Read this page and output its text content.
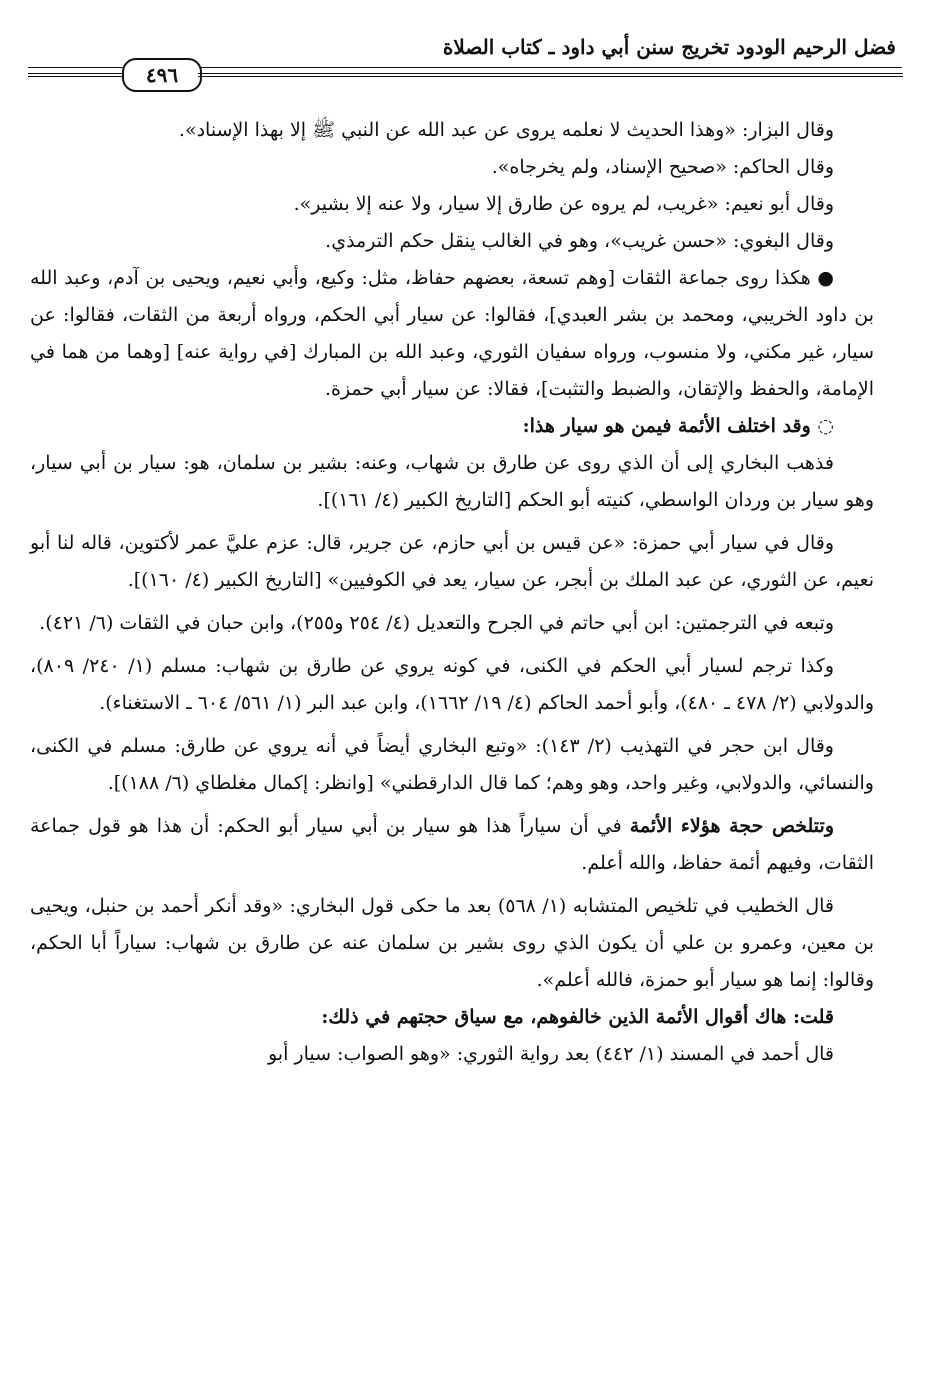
فضل الرحيم الودود تخريج سنن أبي داود ـ كتاب الصلاة
٤٩٦

وقال البزار: «وهذا الحديث لا نعلمه يروى عن عبد الله عن النبي ﷺ إلا بهذا الإسناد».

وقال الحاكم: «صحيح الإسناد، ولم يخرجاه».

وقال أبو نعيم: «غريب، لم يروه عن طارق إلا سيار، ولا عنه إلا بشير».

وقال البغوي: «حسن غريب»، وهو في الغالب ينقل حكم الترمذي.

● هكذا روى جماعة الثقات [وهم تسعة، بعضهم حفاظ، مثل: وكيع، وأبي نعيم، ويحيى بن آدم، وعبد الله بن داود الخريبي، ومحمد بن بشر العبدي]، فقالوا: عن سيار أبي الحكم، ورواه أربعة من الثقات، فقالوا: عن سيار، غير مكني، ولا منسوب، ورواه سفيان الثوري، وعبد الله بن المبارك [في رواية عنه] [وهما من هما في الإمامة، والحفظ والإتقان، والضبط والتثبت]، فقالا: عن سيار أبي حمزة.

◌ وقد اختلف الأئمة فيمن هو سيار هذا:

فذهب البخاري إلى أن الذي روى عن طارق بن شهاب، وعنه: بشير بن سلمان، هو: سيار بن أبي سيار، وهو سيار بن وردان الواسطي، كنيته أبو الحكم [التاريخ الكبير (٤/ ١٦١)].

وقال في سيار أبي حمزة: «عن قيس بن أبي حازم، عن جرير، قال: عزم عليَّ عمر لأكتوين، قاله لنا أبو نعيم، عن الثوري، عن عبد الملك بن أبجر، عن سيار، يعد في الكوفيين» [التاريخ الكبير (٤/ ١٦٠)].

وتبعه في الترجمتين: ابن أبي حاتم في الجرح والتعديل (٤/ ٢٥٤ و٢٥٥)، وابن حبان في الثقات (٦/ ٤٢١).

وكذا ترجم لسيار أبي الحكم في الكنى، في كونه يروي عن طارق بن شهاب: مسلم (١/ ٢٤٠/ ٨٠٩)، والدولابي (٢/ ٤٧٨ ـ ٤٨٠)، وأبو أحمد الحاكم (٤/ ١٩/ ١٦٦٢)، وابن عبد البر (١/ ٥٦١/ ٦٠٤ ـ الاستغناء).

وقال ابن حجر في التهذيب (٢/ ١٤٣): «وتبع البخاري أيضاً في أنه يروي عن طارق: مسلم في الكنى، والنسائي، والدولابي، وغير واحد، وهو وهم؛ كما قال الدارقطني» [وانظر: إكمال مغلطاي (٦/ ١٨٨)].

وتتلخص حجة هؤلاء الأئمة في أن سياراً هذا هو سيار بن أبي سيار أبو الحكم: أن هذا هو قول جماعة الثقات، وفيهم أئمة حفاظ، والله أعلم.

قال الخطيب في تلخيص المتشابه (١/ ٥٦٨) بعد ما حكى قول البخاري: «وقد أنكر أحمد بن حنبل، ويحيى بن معين، وعمرو بن علي أن يكون الذي روى بشير بن سلمان عنه عن طارق بن شهاب: سياراً أبا الحكم، وقالوا: إنما هو سيار أبو حمزة، فالله أعلم».

قلت: هاك أقوال الأئمة الذين خالفوهم، مع سياق حجتهم في ذلك:

قال أحمد في المسند (١/ ٤٤٢) بعد رواية الثوري: «وهو الصواب: سيار أبو
